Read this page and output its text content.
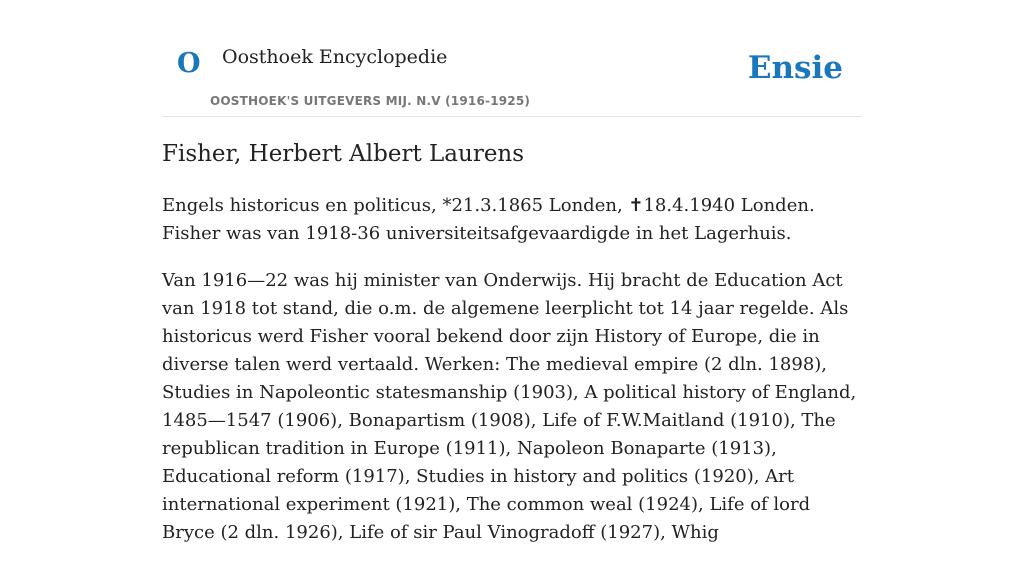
O Oosthoek Encyclopedie
OOSTHOEK'S UITGEVERS MIJ. N.V (1916-1925)
Ensie
Fisher, Herbert Albert Laurens

Engels historicus en politicus, *21.3.1865 Londen, ✝18.4.1940 Londen. Fisher was van 1918-36 universiteitsafgevaardigde in het Lagerhuis.

Van 1916—22 was hij minister van Onderwijs. Hij bracht de Education Act van 1918 tot stand, die o.m. de algemene leerplicht tot 14 jaar regelde. Als historicus werd Fisher vooral bekend door zijn History of Europe, die in diverse talen werd vertaald. Werken: The medieval empire (2 dln. 1898), Studies in Napoleontic statesmanship (1903), A political history of England, 1485—1547 (1906), Bonapartism (1908), Life of F.W.Maitland (1910), The republican tradition in Europe (1911), Napoleon Bonaparte (1913), Educational reform (1917), Studies in history and politics (1920), Art international experiment (1921), The common weal (1924), Life of lord Bryce (2 dln. 1926), Life of sir Paul Vinogradoff (1927), Whig
